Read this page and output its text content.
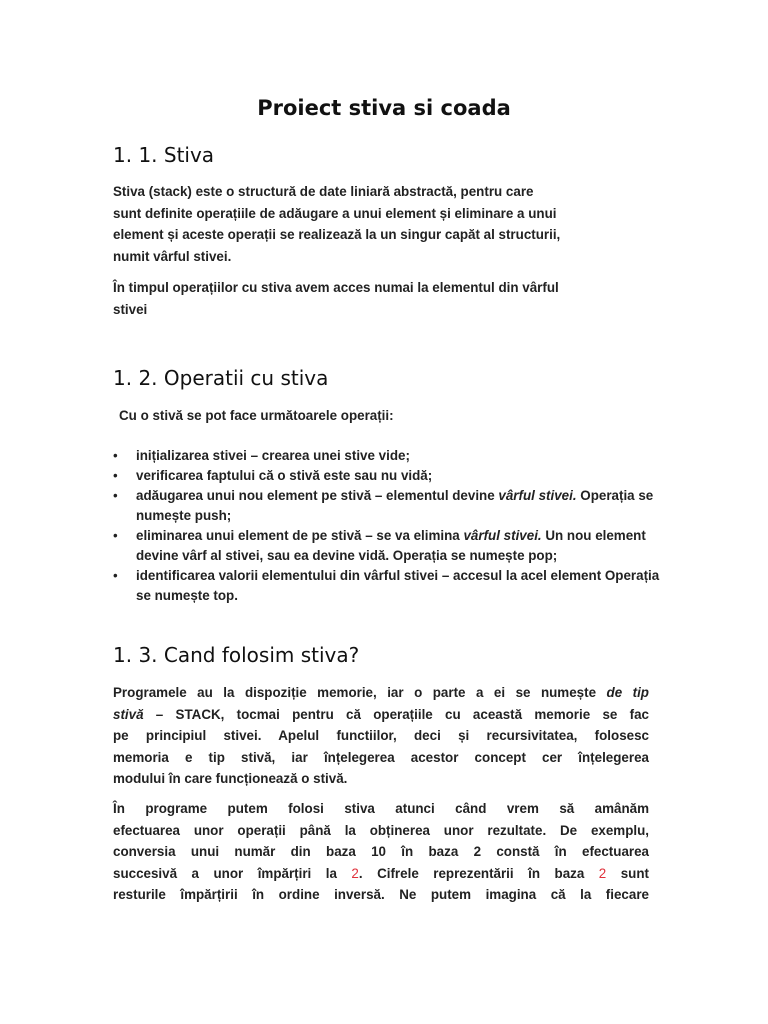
Proiect stiva si coada
1. 1. Stiva
Stiva (stack) este o structură de date liniară abstractă, pentru care
sunt definite operațiile de adăugare a unui element și eliminare a unui
element și aceste operații se realizează la un singur capăt al structurii,
numit vârful stivei.
În timpul operațiilor cu stiva avem acces numai la elementul din vârful
stivei
1. 2. Operatii cu stiva
Cu o stivă se pot face următoarele operații:
• inițializarea stivei – crearea unei stive vide;
• verificarea faptului că o stivă este sau nu vidă;
• adăugarea unui nou element pe stivă – elementul devine vârful stivei. Operația se numește push;
• eliminarea unui element de pe stivă – se va elimina vârful stivei. Un nou element devine vârf al stivei, sau ea devine vidă. Operația se numește pop;
• identificarea valorii elementului din vârful stivei – accesul la acel element Operația se numește top.
1. 3. Cand folosim stiva?
Programele au la dispoziție memorie, iar o parte a ei se numește de tip
stivă – STACK, tocmai pentru că operațiile cu această memorie se fac
pe principiul stivei. Apelul functiilor, deci și recursivitatea, folosesc
memoria e tip stivă, iar înțelegerea acestor concept cer înțelegerea
modului în care funcționează o stivă.
În programe putem folosi stiva atunci când vrem să amânăm
efectuarea unor operații până la obținerea unor rezultate. De exemplu,
conversia unui număr din baza 10 în baza 2 constă în efectuarea
succesivă a unor împărțiri la 2. Cifrele reprezentării în baza 2 sunt
resturile împărțirii în ordine inversă. Ne putem imagina că la fiecare
